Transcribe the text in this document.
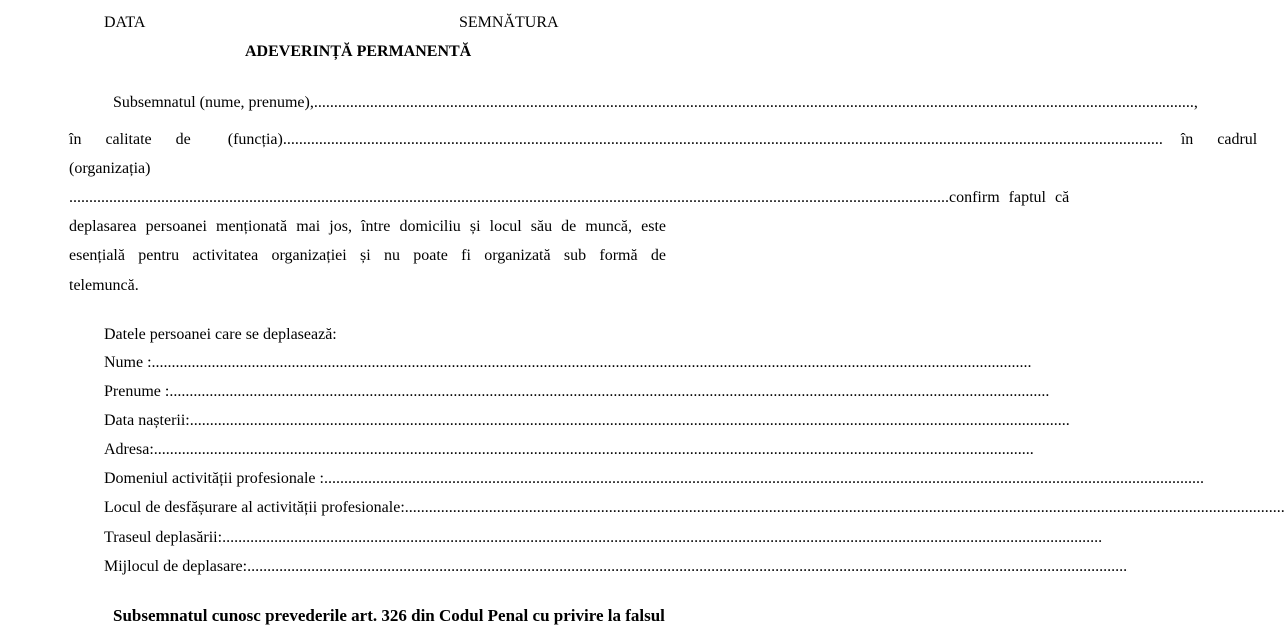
DATA	SEMNĂTURA
ADEVERINȚĂ PERMANENTĂ
Subsemnatul (nume, prenume), ............................................................................................................................................................................................................................ ,
în calitate de (funcția) ............................................................................................................................................................................................................................ în cadrul
(organizația)
............................................................................................................................................................................................................................ confirm faptul că
deplasarea persoanei menționată mai jos, între domiciliu și locul său de muncă, este
esențială pentru activitatea organizației și nu poate fi organizată sub formă de
telemuncă.
Datele persoanei care se deplasează:
Nume : ............................................................................................................................................................................................................................
Prenume : ............................................................................................................................................................................................................................
Data nașterii: ............................................................................................................................................................................................................................
Adresa: ............................................................................................................................................................................................................................
Domeniul activității profesionale : ............................................................................................................................................................................................................................
Locul de desfășurare al activității profesionale: ............................................................................................................................................................................................................................
Traseul deplasării: ............................................................................................................................................................................................................................
Mijlocul de deplasare: ............................................................................................................................................................................................................................
Subsemnatul cunosc prevederile art. 326 din Codul Penal cu privire la falsul
